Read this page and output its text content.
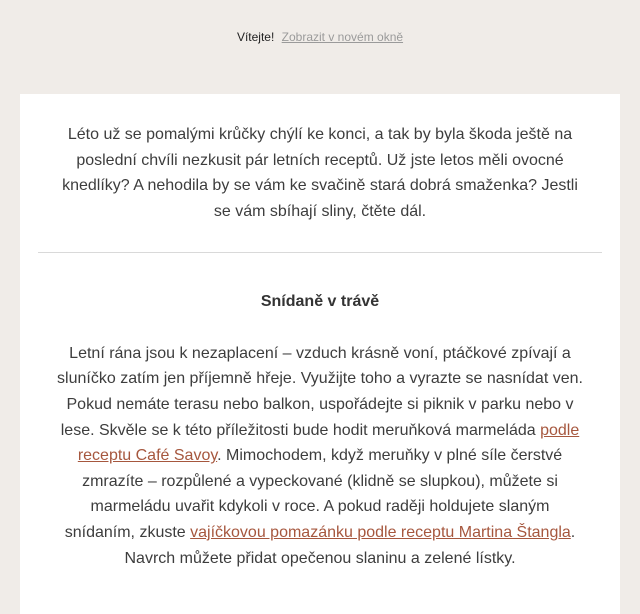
Vítejte! Zobrazit v novém okně
Léto už se pomalými krůčky chýlí ke konci, a tak by byla škoda ještě na poslední chvíli nezkusit pár letních receptů. Už jste letos měli ovocné knedlíky? A nehodila by se vám ke svačině stará dobrá smaženka? Jestli se vám sbíhají sliny, čtěte dál.
Snídaně v trávě
Letní rána jsou k nezaplacení – vzduch krásně voní, ptáčkové zpívají a sluníčko zatím jen příjemně hřeje. Využijte toho a vyrazte se nasnídat ven. Pokud nemáte terasu nebo balkon, uspořádejte si piknik v parku nebo v lese. Skvěle se k této příležitosti bude hodit meruňková marmeláda podle receptu Café Savoy. Mimochodem, když meruňky v plné síle čerstvé zmrazíte – rozpůlené a vypeckované (klidně se slupkou), můžete si marmeládu uvařit kdykoli v roce. A pokud raději holdujete slaným snídaním, zkuste vajíčkovou pomazánku podle receptu Martina Štangla. Navrch můžete přidat opečenou slaninu a zelené lístky.
